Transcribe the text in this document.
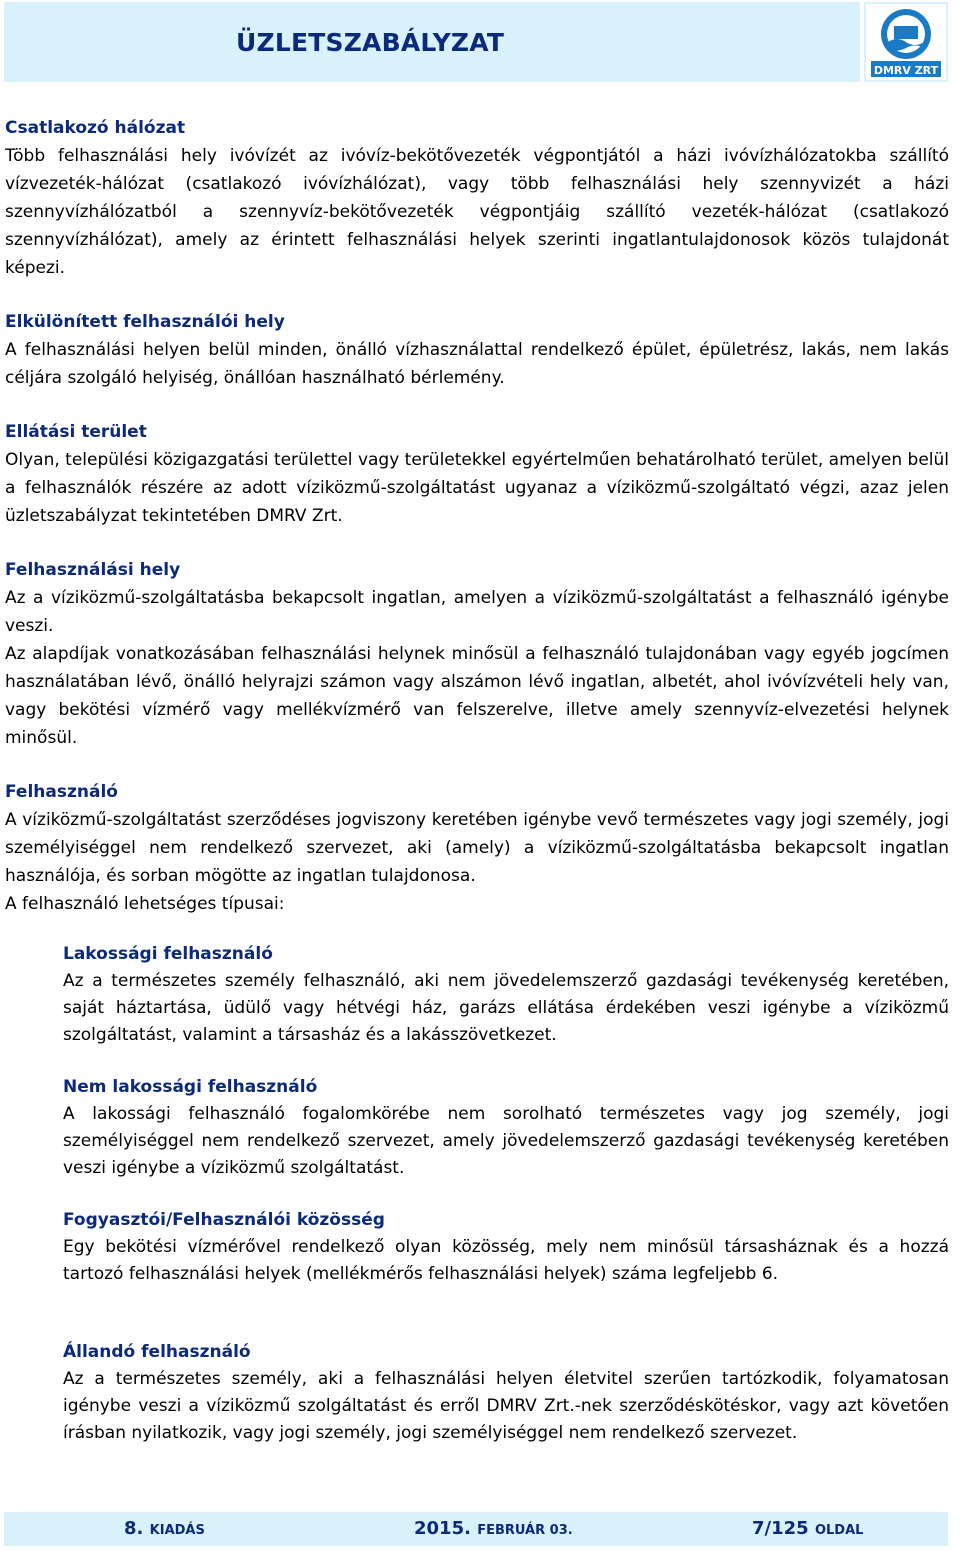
ÜZLETSZABÁLYZAT
DMRV ZRT
Csatlakozó hálózat

Több felhasználási hely ivóvízét az ivóvíz-bekötővezeték végpontjától a házi ivóvízhálózatokba szállító vízvezeték-hálózat (csatlakozó ivóvízhálózat), vagy több felhasználási hely szennyvizét a házi szennyvízhálózatból a szennyvíz-bekötővezeték végpontjáig szállító vezeték-hálózat (csatlakozó szennyvízhálózat), amely az érintett felhasználási helyek szerinti ingatlantulajdonosok közös tulajdonát képezi.

Elkülönített felhasználói hely

A felhasználási helyen belül minden, önálló vízhasználattal rendelkező épület, épületrész, lakás, nem lakás céljára szolgáló helyiség, önállóan használható bérlemény.

Ellátási terület

Olyan, települési közigazgatási területtel vagy területekkel egyértelműen behatárolható terület, amelyen belül a felhasználók részére az adott víziközmű-szolgáltatást ugyanaz a víziközmű-szolgáltató végzi, azaz jelen üzletszabályzat tekintetében DMRV Zrt.

Felhasználási hely

Az a víziközmű-szolgáltatásba bekapcsolt ingatlan, amelyen a víziközmű-szolgáltatást a felhasználó igénybe veszi.

Az alapdíjak vonatkozásában felhasználási helynek minősül a felhasználó tulajdonában vagy egyéb jogcímen használatában lévő, önálló helyrajzi számon vagy alszámon lévő ingatlan, albetét, ahol ivóvízvételi hely van, vagy bekötési vízmérő vagy mellékvízmérő van felszerelve, illetve amely szennyvíz-elvezetési helynek minősül.

Felhasználó

A víziközmű-szolgáltatást szerződéses jogviszony keretében igénybe vevő természetes vagy jogi személy, jogi személyiséggel nem rendelkező szervezet, aki (amely) a víziközmű-szolgáltatásba bekapcsolt ingatlan használója, és sorban mögötte az ingatlan tulajdonosa.

A felhasználó lehetséges típusai:

Lakossági felhasználó

Az a természetes személy felhasználó, aki nem jövedelemszerző gazdasági tevékenység keretében, saját háztartása, üdülő vagy hétvégi ház, garázs ellátása érdekében veszi igénybe a víziközmű szolgáltatást, valamint a társasház és a lakásszövetkezet.

Nem lakossági felhasználó

A lakossági felhasználó fogalomkörébe nem sorolható természetes vagy jog személy, jogi személyiséggel nem rendelkező szervezet, amely jövedelemszerző gazdasági tevékenység keretében veszi igénybe a víziközmű szolgáltatást.

Fogyasztói/Felhasználói közösség

Egy bekötési vízmérővel rendelkező olyan közösség, mely nem minősül társasháznak és a hozzá tartozó felhasználási helyek (mellékmérős felhasználási helyek) száma legfeljebb 6.

Állandó felhasználó

Az a természetes személy, aki a felhasználási helyen életvitel szerűen tartózkodik, folyamatosan igénybe veszi a víziközmű szolgáltatást és erről DMRV Zrt.-nek szerződéskötéskor, vagy azt követően írásban nyilatkozik, vagy jogi személy, jogi személyiséggel nem rendelkező szervezet.

8. KIADÁS	2015. FEBRUÁR 03.	7/125 OLDAL
